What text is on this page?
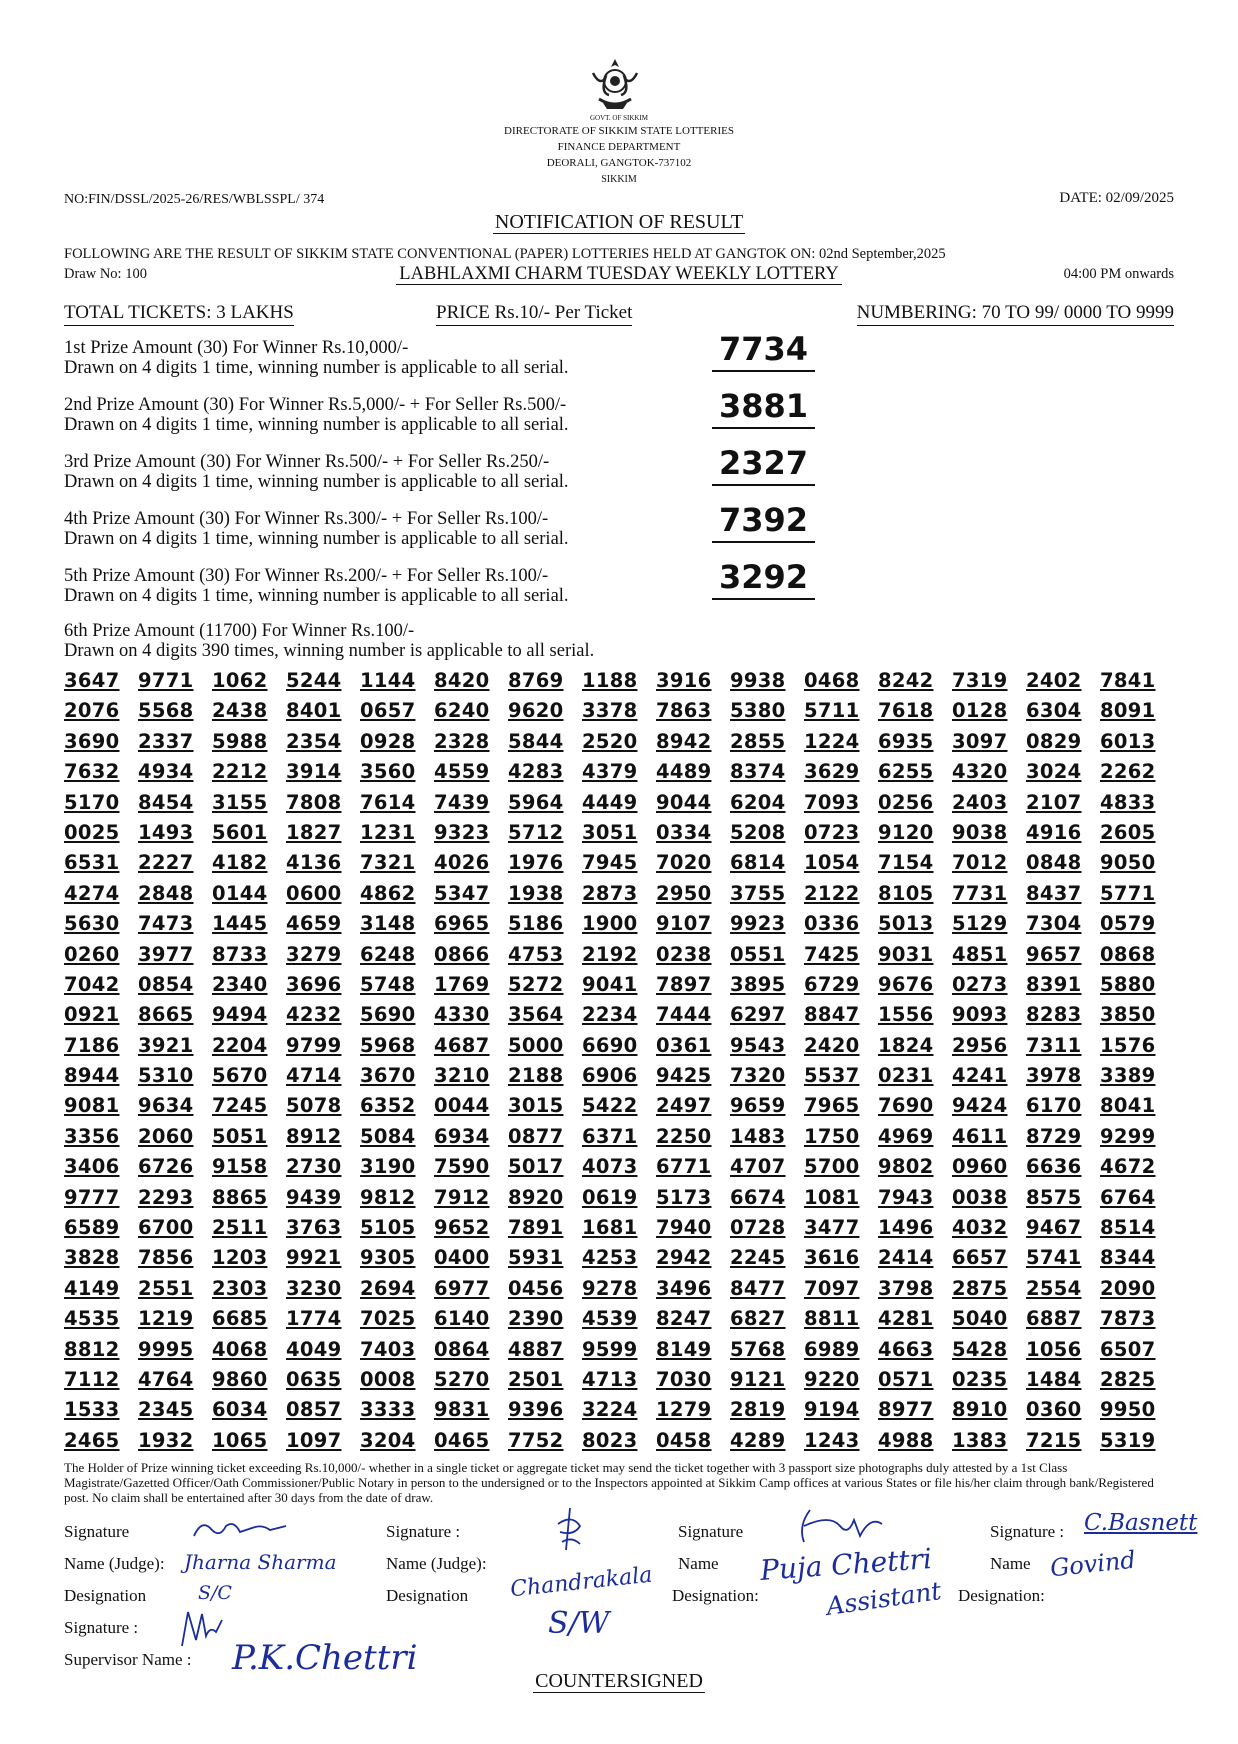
GOVT. OF SIKKIM
DIRECTORATE OF SIKKIM STATE LOTTERIES
FINANCE DEPARTMENT
DEORALI, GANGTOK-737102
SIKKIM
NO:FIN/DSSL/2025-26/RES/WBLSSPL/ 374	DATE: 02/09/2025
NOTIFICATION OF RESULT
FOLLOWING ARE THE RESULT OF SIKKIM STATE CONVENTIONAL (PAPER) LOTTERIES HELD AT GANGTOK ON: 02nd September,2025
Draw No: 100	LABHLAXMI CHARM TUESDAY WEEKLY LOTTERY	04:00 PM onwards
TOTAL TICKETS: 3 LAKHS	PRICE Rs.10/- Per Ticket	NUMBERING: 70 TO 99/ 0000 TO 9999
1st Prize Amount (30) For Winner Rs.10,000/-
Drawn on 4 digits 1 time, winning number is applicable to all serial.	7734
2nd Prize Amount (30) For Winner Rs.5,000/- + For Seller Rs.500/-
Drawn on 4 digits 1 time, winning number is applicable to all serial.	3881
3rd Prize Amount (30) For Winner Rs.500/- + For Seller Rs.250/-
Drawn on 4 digits 1 time, winning number is applicable to all serial.	2327
4th Prize Amount (30) For Winner Rs.300/- + For Seller Rs.100/-
Drawn on 4 digits 1 time, winning number is applicable to all serial.	7392
5th Prize Amount (30) For Winner Rs.200/- + For Seller Rs.100/-
Drawn on 4 digits 1 time, winning number is applicable to all serial.	3292
6th Prize Amount (11700) For Winner Rs.100/-
Drawn on 4 digits 390 times, winning number is applicable to all serial.
3647 9771 1062 5244 1144 8420 8769 1188 3916 9938 0468 8242 7319 2402 7841
2076 5568 2438 8401 0657 6240 9620 3378 7863 5380 5711 7618 0128 6304 8091
3690 2337 5988 2354 0928 2328 5844 2520 8942 2855 1224 6935 3097 0829 6013
7632 4934 2212 3914 3560 4559 4283 4379 4489 8374 3629 6255 4320 3024 2262
5170 8454 3155 7808 7614 7439 5964 4449 9044 6204 7093 0256 2403 2107 4833
0025 1493 5601 1827 1231 9323 5712 3051 0334 5208 0723 9120 9038 4916 2605
6531 2227 4182 4136 7321 4026 1976 7945 7020 6814 1054 7154 7012 0848 9050
4274 2848 0144 0600 4862 5347 1938 2873 2950 3755 2122 8105 7731 8437 5771
5630 7473 1445 4659 3148 6965 5186 1900 9107 9923 0336 5013 5129 7304 0579
0260 3977 8733 3279 6248 0866 4753 2192 0238 0551 7425 9031 4851 9657 0868
7042 0854 2340 3696 5748 1769 5272 9041 7897 3895 6729 9676 0273 8391 5880
0921 8665 9494 4232 5690 4330 3564 2234 7444 6297 8847 1556 9093 8283 3850
7186 3921 2204 9799 5968 4687 5000 6690 0361 9543 2420 1824 2956 7311 1576
8944 5310 5670 4714 3670 3210 2188 6906 9425 7320 5537 0231 4241 3978 3389
9081 9634 7245 5078 6352 0044 3015 5422 2497 9659 7965 7690 9424 6170 8041
3356 2060 5051 8912 5084 6934 0877 6371 2250 1483 1750 4969 4611 8729 9299
3406 6726 9158 2730 3190 7590 5017 4073 6771 4707 5700 9802 0960 6636 4672
9777 2293 8865 9439 9812 7912 8920 0619 5173 6674 1081 7943 0038 8575 6764
6589 6700 2511 3763 5105 9652 7891 1681 7940 0728 3477 1496 4032 9467 8514
3828 7856 1203 9921 9305 0400 5931 4253 2942 2245 3616 2414 6657 5741 8344
4149 2551 2303 3230 2694 6977 0456 9278 3496 8477 7097 3798 2875 2554 2090
4535 1219 6685 1774 7025 6140 2390 4539 8247 6827 8811 4281 5040 6887 7873
8812 9995 4068 4049 7403 0864 4887 9599 8149 5768 6989 4663 5428 1056 6507
7112 4764 9860 0635 0008 5270 2501 4713 7030 9121 9220 0571 0235 1484 2825
1533 2345 6034 0857 3333 9831 9396 3224 1279 2819 9194 8977 8910 0360 9950
2465 1932 1065 1097 3204 0465 7752 8023 0458 4289 1243 4988 1383 7215 5319
The Holder of Prize winning ticket exceeding Rs.10,000/- whether in a single ticket or aggregate ticket may send the ticket together with 3 passport size photographs duly attested by a 1st Class Magistrate/Gazetted Officer/Oath Commissioner/Public Notary in person to the undersigned or to the Inspectors appointed at Sikkim Camp offices at various States or file his/her claim through bank/Registered post. No claim shall be entertained after 30 days from the date of draw.
Signature
Name (Judge):
Designation
Signature :
Supervisor Name :
Signature :
Name (Judge):
Designation
Signature
Name
Designation:
Signature :
Name
Designation:
Jharna Sharma
S/C
P.K.Chettri
Chandrakala
S/W
Puja Chettri
Assistant
C.Basnett
Govind
COUNTERSIGNED
